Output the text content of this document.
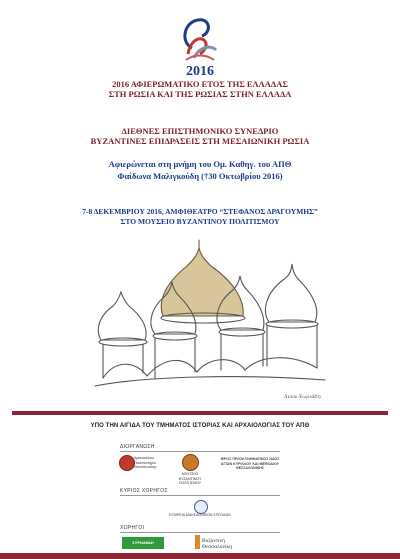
2016
2016 ΑΦΙΕΡΩΜΑΤΙΚΟ ΕΤΟΣ ΤΗΣ ΕΛΛΑΔΑΣ
ΣΤΗ ΡΩΣΙΑ ΚΑΙ ΤΗΣ ΡΩΣΙΑΣ ΣΤΗΝ ΕΛΛΑΔΑ
ΔΙΕΘΝΕΣ ΕΠΙΣΤΗΜΟΝΙΚΟ ΣΥΝΕΔΡΙΟ
ΒΥΖΑΝΤΙΝΕΣ ΕΠΙΔΡΑΣΕΙΣ ΣΤΗ ΜΕΣΑΙΩΝΙΚΗ ΡΩΣΙΑ
Αφιερώνεται στη μνήμη του Ομ. Καθηγ. του ΑΠΘ
Φαίδωνα Μαλιγκούδη (†30 Οκτωβρίου 2016)
7-8 ΔΕΚΕΜΒΡΙΟΥ 2016, ΑΜΦΙΘΕΑΤΡΟ “ΣΤΕΦΑΝΟΣ ΔΡΑΓΟΥΜΗΣ”
ΣΤΟ ΜΟΥΣΕΙΟ ΒΥΖΑΝΤΙΝΟΥ ΠΟΛΙΤΙΣΜΟΥ
Άννα Χωριάδη
ΥΠΟ ΤΗΝ ΑΙΓΙΔΑ ΤΟΥ ΤΜΗΜΑΤΟΣ ΙΣΤΟΡΙΑΣ ΚΑΙ ΑΡΧΑΙΟΛΟΓΙΑΣ ΤΟΥ ΑΠΘ
ΔΙΟΡΓΑΝΩΣΗ
Αριστοτέλειο Πανεπιστήμιο Θεσσαλονίκης
ΜΟΥΣΕΙΟ ΒΥΖΑΝΤΙΝΟΥ ΠΟΛΙΤΙΣΜΟΥ
ΙΕΡΟΣ ΠΡΟΣΚΥΝΗΜΑΤΙΚΟΣ ΝΑΟΣ ΑΓΙΩΝ ΚΥΡΙΛΛΟΥ ΚΑΙ ΜΕΘΟΔΙΟΥ ΘΕΣΣΑΛΟΝΙΚΗΣ
ΚΥΡΙΟΣ ΧΟΡΗΓΟΣ
ΕΤΑΙΡΕΙΑ ΜΑΚΕΔΟΝΙΚΩΝ ΣΠΟΥΔΩΝ
ΧΟΡΗΓΟΙ
ΣΥΡΙΑΝΙΔΗ	Βυζαντινή Θεσσαλονίκη
